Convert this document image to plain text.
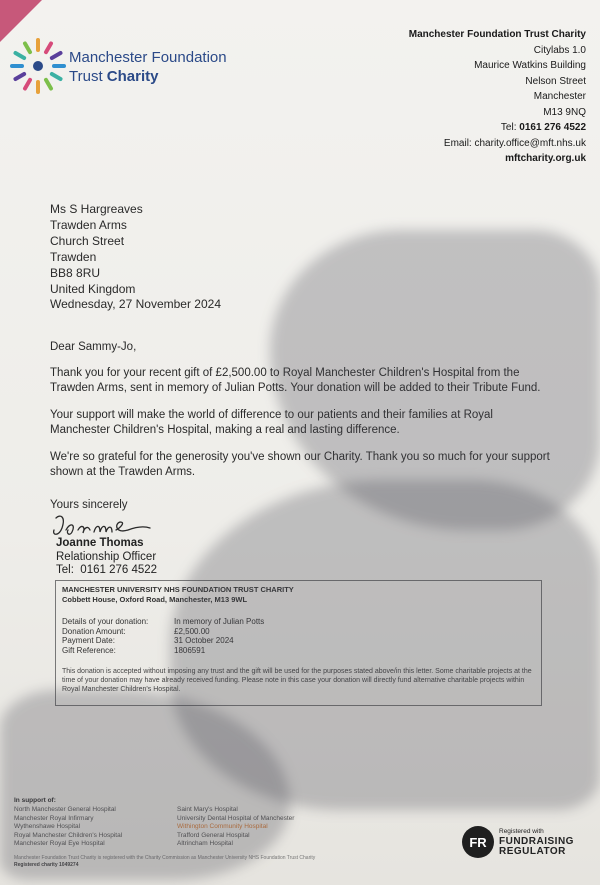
Manchester Foundation
Trust Charity
Manchester Foundation Trust Charity
Citylabs 1.0
Maurice Watkins Building
Nelson Street
Manchester
M13 9NQ
Tel: 0161 276 4522
Email: charity.office@mft.nhs.uk
mftcharity.org.uk
Ms S Hargreaves
Trawden Arms
Church Street
Trawden
BB8 8RU
United Kingdom
Wednesday, 27 November 2024

Dear Sammy-Jo,

Thank you for your recent gift of £2,500.00 to Royal Manchester Children's Hospital from the Trawden Arms, sent in memory of Julian Potts. Your donation will be added to their Tribute Fund.

Your support will make the world of difference to our patients and their families at Royal Manchester Children's Hospital, making a real and lasting difference.

We're so grateful for the generosity you've shown our Charity. Thank you so much for your support shown at the Trawden Arms.

Yours sincerely
Joanne Thomas
Relationship Officer
Tel: 0161 276 4522
MANCHESTER UNIVERSITY NHS FOUNDATION TRUST CHARITY
Cobbett House, Oxford Road, Manchester, M13 9WL
Details of your donation:	In memory of Julian Potts
Donation Amount:	£2,500.00
Payment Date:	31 October 2024
Gift Reference:	1806591
This donation is accepted without imposing any trust and the gift will be used for the purposes stated above/in this letter. Some charitable projects at the time of your donation may have already received funding. Please note in this case your donation will directly fund alternative charitable projects within Royal Manchester Children's Hospital.
In support of:
North Manchester General Hospital
Manchester Royal Infirmary
Wythenshawe Hospital
Royal Manchester Children's Hospital
Manchester Royal Eye Hospital
Saint Mary's Hospital
University Dental Hospital of Manchester
Withington Community Hospital
Trafford General Hospital
Altrincham Hospital
Manchester Foundation Trust Charity is registered with the Charity Commission as Manchester University NHS Foundation Trust Charity
Registered charity 1049274
FR
Registered with
FUNDRAISING
REGULATOR
